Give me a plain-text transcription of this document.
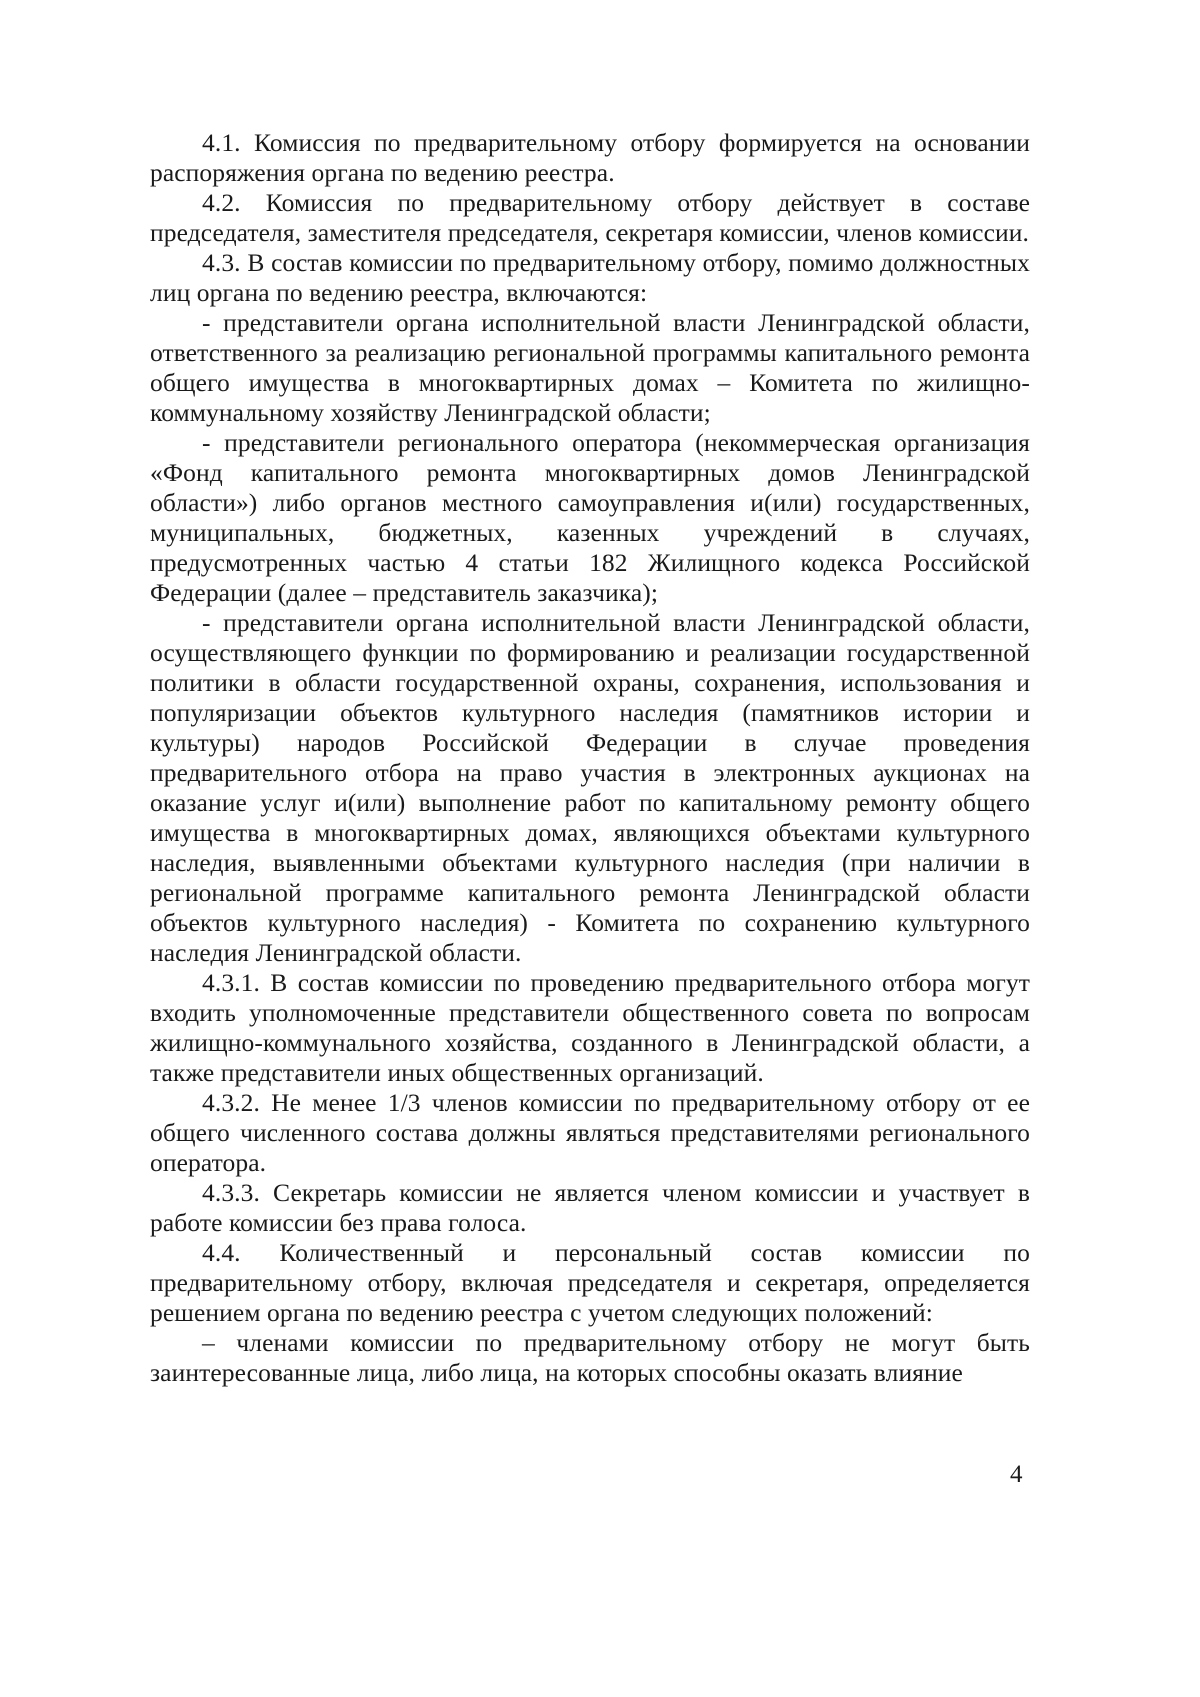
4.1. Комиссия по предварительному отбору формируется на основании распоряжения органа по ведению реестра.

4.2. Комиссия по предварительному отбору действует в составе председателя, заместителя председателя, секретаря комиссии, членов комиссии.

4.3. В состав комиссии по предварительному отбору, помимо должностных лиц органа по ведению реестра, включаются:

- представители органа исполнительной власти Ленинградской области, ответственного за реализацию региональной программы капитального ремонта общего имущества в многоквартирных домах – Комитета по жилищно-коммунальному хозяйству Ленинградской области;

- представители регионального оператора (некоммерческая организация «Фонд капитального ремонта многоквартирных домов Ленинградской области») либо органов местного самоуправления и(или) государственных, муниципальных, бюджетных, казенных учреждений в случаях, предусмотренных частью 4 статьи 182 Жилищного кодекса Российской Федерации (далее – представитель заказчика);

- представители органа исполнительной власти Ленинградской области, осуществляющего функции по формированию и реализации государственной политики в области государственной охраны, сохранения, использования и популяризации объектов культурного наследия (памятников истории и культуры) народов Российской Федерации в случае проведения предварительного отбора на право участия в электронных аукционах на оказание услуг и(или) выполнение работ по капитальному ремонту общего имущества в многоквартирных домах, являющихся объектами культурного наследия, выявленными объектами культурного наследия (при наличии в региональной программе капитального ремонта Ленинградской области объектов культурного наследия) - Комитета по сохранению культурного наследия Ленинградской области.

4.3.1. В состав комиссии по проведению предварительного отбора могут входить уполномоченные представители общественного совета по вопросам жилищно-коммунального хозяйства, созданного в Ленинградской области, а также представители иных общественных организаций.

4.3.2. Не менее 1/3 членов комиссии по предварительному отбору от ее общего численного состава должны являться представителями регионального оператора.

4.3.3. Секретарь комиссии не является членом комиссии и участвует в работе комиссии без права голоса.

4.4. Количественный и персональный состав комиссии по предварительному отбору, включая председателя и секретаря, определяется решением органа по ведению реестра с учетом следующих положений:

– членами комиссии по предварительному отбору не могут быть заинтересованные лица, либо лица, на которых способны оказать влияние

4
